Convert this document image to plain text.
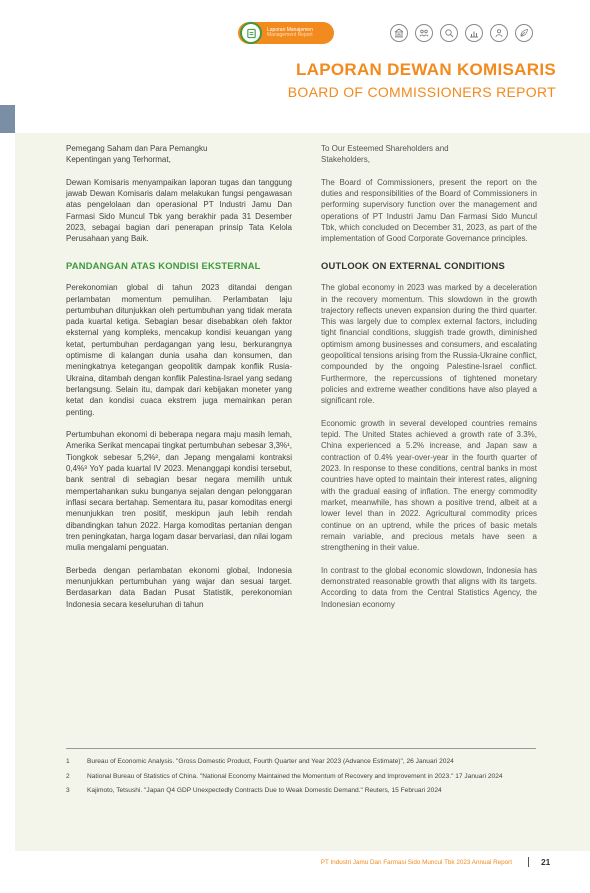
Laporan Manajemen
Management Report
LAPORAN DEWAN KOMISARIS
BOARD OF COMMISSIONERS REPORT

Pemegang Saham dan Para Pemangku

Kepentingan yang Terhormat,

Dewan Komisaris menyampaikan laporan tugas dan tanggung jawab Dewan Komisaris dalam melakukan fungsi pengawasan atas pengelolaan dan operasional PT Industri Jamu Dan Farmasi Sido Muncul Tbk yang berakhir pada 31 Desember 2023, sebagai bagian dari penerapan prinsip Tata Kelola Perusahaan yang Baik.

PANDANGAN ATAS KONDISI EKSTERNAL

Perekonomian global di tahun 2023 ditandai dengan perlambatan momentum pemulihan. Perlambatan laju pertumbuhan ditunjukkan oleh pertumbuhan yang tidak merata pada kuartal ketiga. Sebagian besar disebabkan oleh faktor eksternal yang kompleks, mencakup kondisi keuangan yang ketat, pertumbuhan perdagangan yang lesu, berkurangnya optimisme di kalangan dunia usaha dan konsumen, dan meningkatnya ketegangan geopolitik dampak konflik Rusia-Ukraina, ditambah dengan konflik Palestina-Israel yang sedang berlangsung. Selain itu, dampak dari kebijakan moneter yang ketat dan kondisi cuaca ekstrem juga memainkan peran penting.

Pertumbuhan ekonomi di beberapa negara maju masih lemah, Amerika Serikat mencapai tingkat pertumbuhan sebesar 3,3%¹, Tiongkok sebesar 5,2%², dan Jepang mengalami kontraksi 0,4%³ YoY pada kuartal IV 2023. Menanggapi kondisi tersebut, bank sentral di sebagian besar negara memilih untuk mempertahankan suku bunganya sejalan dengan pelonggaran inflasi secara bertahap. Sementara itu, pasar komoditas energi menunjukkan tren positif, meskipun jauh lebih rendah dibandingkan tahun 2022. Harga komoditas pertanian dengan tren peningkatan, harga logam dasar bervariasi, dan nilai logam mulia mengalami penguatan.

Berbeda dengan perlambatan ekonomi global, Indonesia menunjukkan pertumbuhan yang wajar dan sesuai target. Berdasarkan data Badan Pusat Statistik, perekonomian Indonesia secara keseluruhan di tahun

To Our Esteemed Shareholders and

Stakeholders,

The Board of Commissioners, present the report on the duties and responsibilities of the Board of Commissioners in performing supervisory function over the management and operations of PT Industri Jamu Dan Farmasi Sido Muncul Tbk, which concluded on December 31, 2023, as part of the implementation of Good Corporate Governance principles.

OUTLOOK ON EXTERNAL CONDITIONS

The global economy in 2023 was marked by a deceleration in the recovery momentum. This slowdown in the growth trajectory reflects uneven expansion during the third quarter. This was largely due to complex external factors, including tight financial conditions, sluggish trade growth, diminished optimism among businesses and consumers, and escalating geopolitical tensions arising from the Russia-Ukraine conflict, compounded by the ongoing Palestine-Israel conflict. Furthermore, the repercussions of tightened monetary policies and extreme weather conditions have also played a significant role.

Economic growth in several developed countries remains tepid. The United States achieved a growth rate of 3.3%, China experienced a 5.2% increase, and Japan saw a contraction of 0.4% year-over-year in the fourth quarter of 2023. In response to these conditions, central banks in most countries have opted to maintain their interest rates, aligning with the gradual easing of inflation. The energy commodity market, meanwhile, has shown a positive trend, albeit at a lower level than in 2022. Agricultural commodity prices continue on an uptrend, while the prices of basic metals remain variable, and precious metals have seen a strengthening in their value.

In contrast to the global economic slowdown, Indonesia has demonstrated reasonable growth that aligns with its targets. According to data from the Central Statistics Agency, the Indonesian economy

1	Bureau of Economic Analysis. "Gross Domestic Product, Fourth Quarter and Year 2023 (Advance Estimate)", 26 Januari 2024
2	National Bureau of Statistics of China. "National Economy Maintained the Momentum of Recovery and Improvement in 2023." 17 Januari 2024
3	Kajimoto, Tetsushi. "Japan Q4 GDP Unexpectedly Contracts Due to Weak Domestic Demand." Reuters, 15 Februari 2024
PT Industri Jamu Dan Farmasi Sido Muncul Tbk 2023 Annual Report	21
